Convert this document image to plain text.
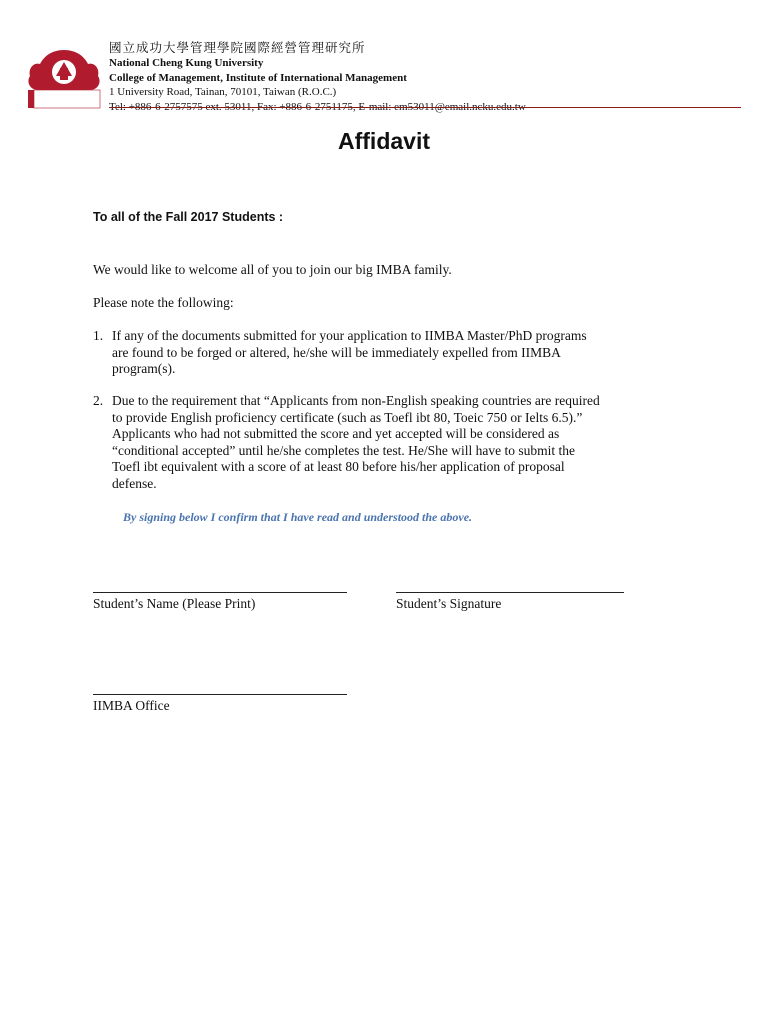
國立成功大學管理學院國際經營管理研究所
National Cheng Kung University
College of Management, Institute of International Management
1 University Road, Tainan, 70101, Taiwan (R.O.C.)
Tel: +886-6-2757575 ext. 53011, Fax: +886-6-2751175, E-mail: em53011@email.ncku.edu.tw
Affidavit
To all of the Fall 2017 Students :
We would like to welcome all of you to join our big IMBA family.
Please note the following:
1. If any of the documents submitted for your application to IIMBA Master/PhD programs
are found to be forged or altered, he/she will be immediately expelled from IIMBA
program(s).
2. Due to the requirement that “Applicants from non-English speaking countries are required
to provide English proficiency certificate (such as Toefl ibt 80, Toeic 750 or Ielts 6.5).”
Applicants who had not submitted the score and yet accepted will be considered as
“conditional accepted” until he/she completes the test. He/She will have to submit the
Toefl ibt equivalent with a score of at least 80 before his/her application of proposal
defense.
By signing below I confirm that I have read and understood the above.
Student’s Name (Please Print)	Student’s Signature
IIMBA Office
